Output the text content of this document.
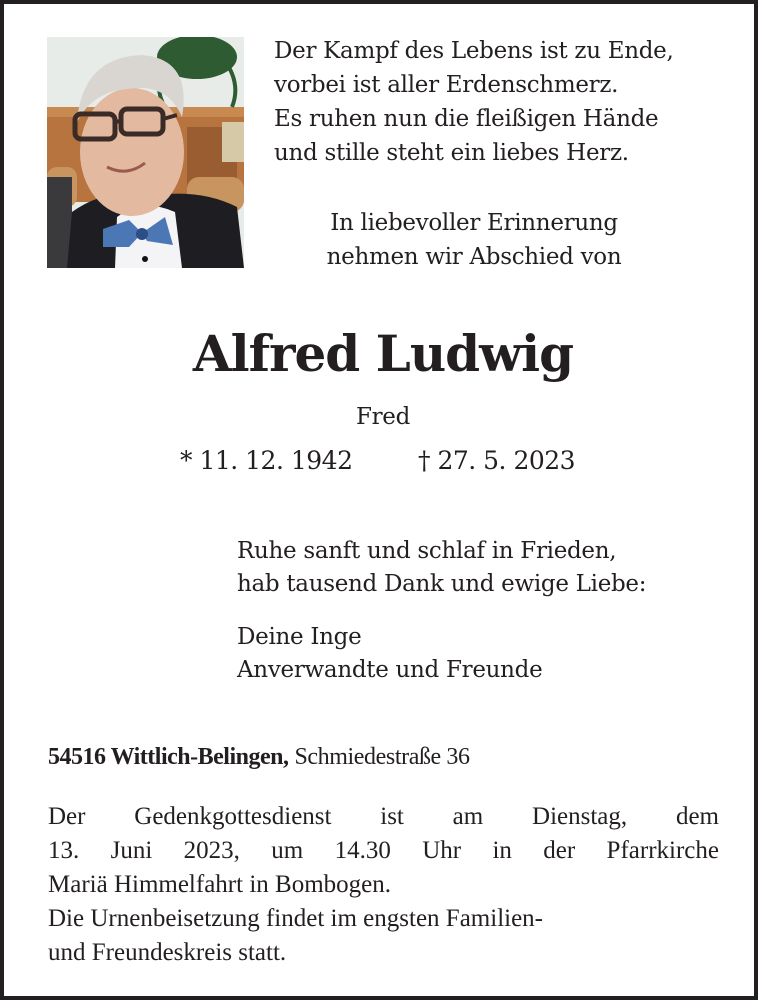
Der Kampf des Lebens ist zu Ende,
vorbei ist aller Erdenschmerz.
Es ruhen nun die fleißigen Hände
und stille steht ein liebes Herz.
In liebevoller Erinnerung
nehmen wir Abschied von
Alfred Ludwig
Fred
* 11. 12. 1942	† 27. 5. 2023
Ruhe sanft und schlaf in Frieden,
hab tausend Dank und ewige Liebe:
Deine Inge
Anverwandte und Freunde
54516 Wittlich-Belingen, Schmiedestraße 36
Der Gedenkgottesdienst ist am Dienstag, dem
13. Juni 2023, um 14.30 Uhr in der Pfarrkirche
Mariä Himmelfahrt in Bombogen.
Die Urnenbeisetzung findet im engsten Familien-
und Freundeskreis statt.
